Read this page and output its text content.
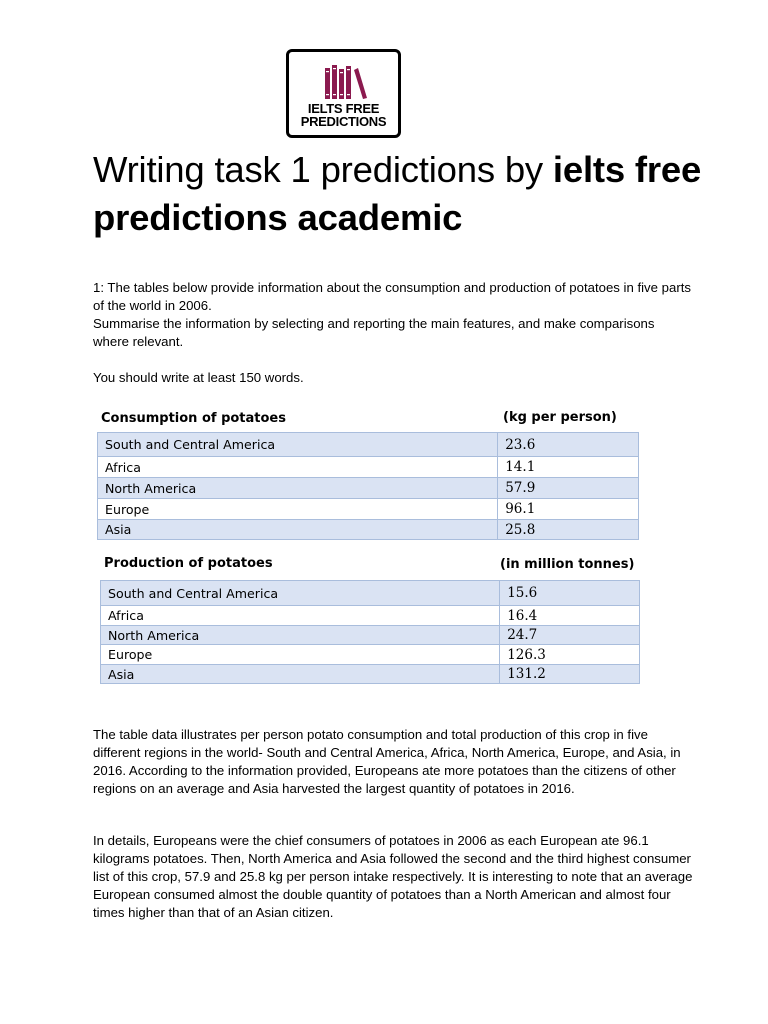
IELTS FREE
PREDICTIONS
Writing task 1 predictions by ielts free predictions academic

1: The tables below provide information about the consumption and production of potatoes in five parts of the world in 2006.

Summarise the information by selecting and reporting the main features, and make comparisons where relevant.

You should write at least 150 words.

Consumption of potatoes	(kg per person)
South and Central America	23.6
Africa	14.1
North America	57.9
Europe	96.1
Asia	25.8
Production of potatoes	(in million tonnes)
South and Central America	15.6
Africa	16.4
North America	24.7
Europe	126.3
Asia	131.2

The table data illustrates per person potato consumption and total production of this crop in five different regions in the world- South and Central America, Africa, North America, Europe, and Asia, in 2016. According to the information provided, Europeans ate more potatoes than the citizens of other regions on an average and Asia harvested the largest quantity of potatoes in 2016.

In details, Europeans were the chief consumers of potatoes in 2006 as each European ate 96.1 kilograms potatoes. Then, North America and Asia followed the second and the third highest consumer list of this crop, 57.9 and 25.8 kg per person intake respectively. It is interesting to note that an average European consumed almost the double quantity of potatoes than a North American and almost four times higher than that of an Asian citizen.
